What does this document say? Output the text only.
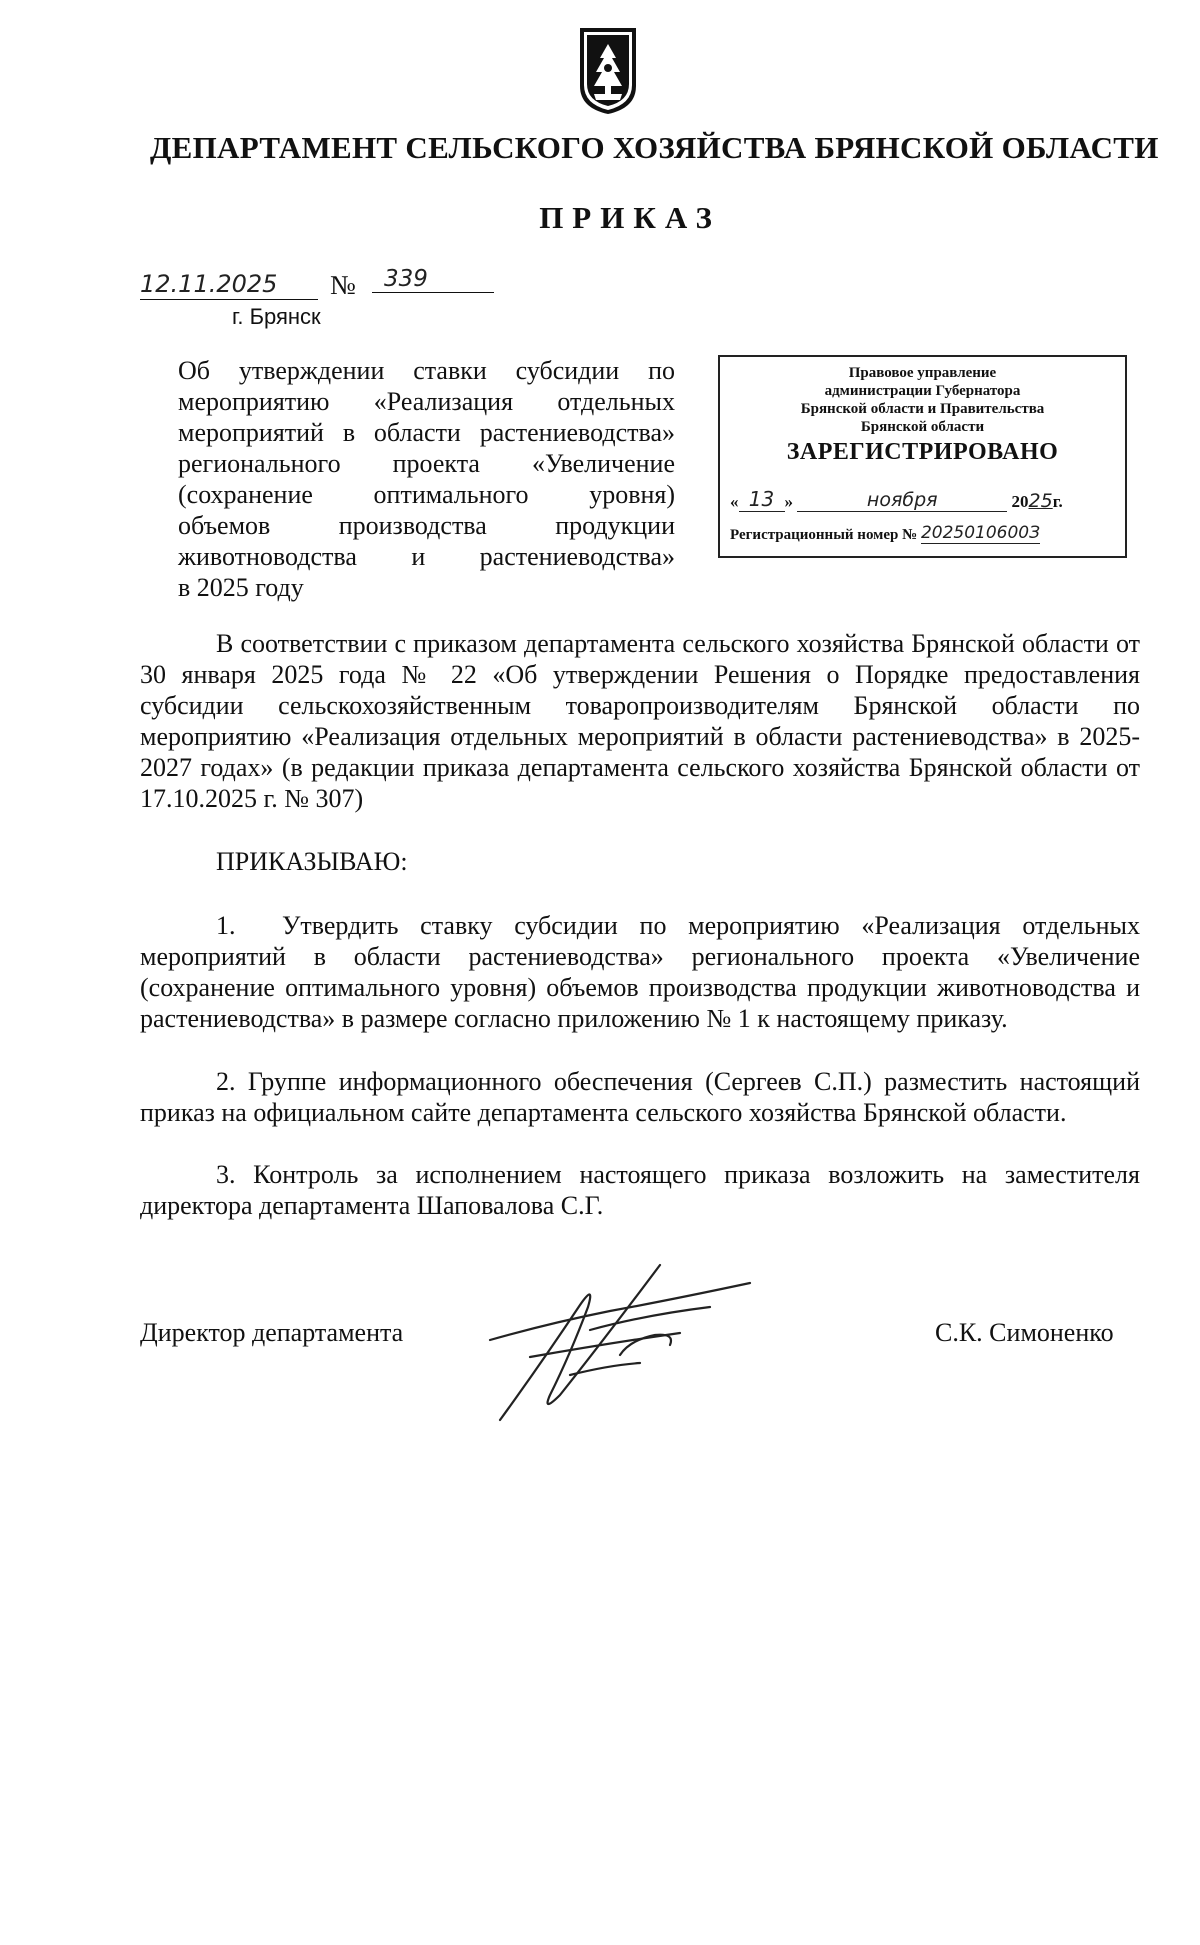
ДЕПАРТАМЕНТ СЕЛЬСКОГО ХОЗЯЙСТВА БРЯНСКОЙ ОБЛАСТИ
ПРИКАЗ
12.11.2025	№	339
г. Брянск
Об утверждении ставки субсидии по
мероприятию «Реализация отдельных
мероприятий в области растениеводства»
регионального проекта «Увеличение
(сохранение оптимального уровня)
объемов производства продукции
животноводства и растениеводства»
в 2025 году
Правовое управление
администрации Губернатора
Брянской области и Правительства
Брянской области
ЗАРЕГИСТРИРОВАНО
« 13 »	ноября	2025г.
Регистрационный номер № 2025010600З
В соответствии с приказом департамента сельского хозяйства Брянской области от 30 января 2025 года № 22 «Об утверждении Решения о Порядке предоставления субсидии сельскохозяйственным товаропроизводителям Брянской области по мероприятию «Реализация отдельных мероприятий в области растениеводства» в 2025-2027 годах» (в редакции приказа департамента сельского хозяйства Брянской области от 17.10.2025 г. № 307)
ПРИКАЗЫВАЮ:
1. Утвердить ставку субсидии по мероприятию «Реализация отдельных мероприятий в области растениеводства» регионального проекта «Увеличение (сохранение оптимального уровня) объемов производства продукции животноводства и растениеводства» в размере согласно приложению № 1 к настоящему приказу.
2. Группе информационного обеспечения (Сергеев С.П.) разместить настоящий приказ на официальном сайте департамента сельского хозяйства Брянской области.
3. Контроль за исполнением настоящего приказа возложить на заместителя директора департамента Шаповалова С.Г.
Директор департамента	С.К. Симоненко
